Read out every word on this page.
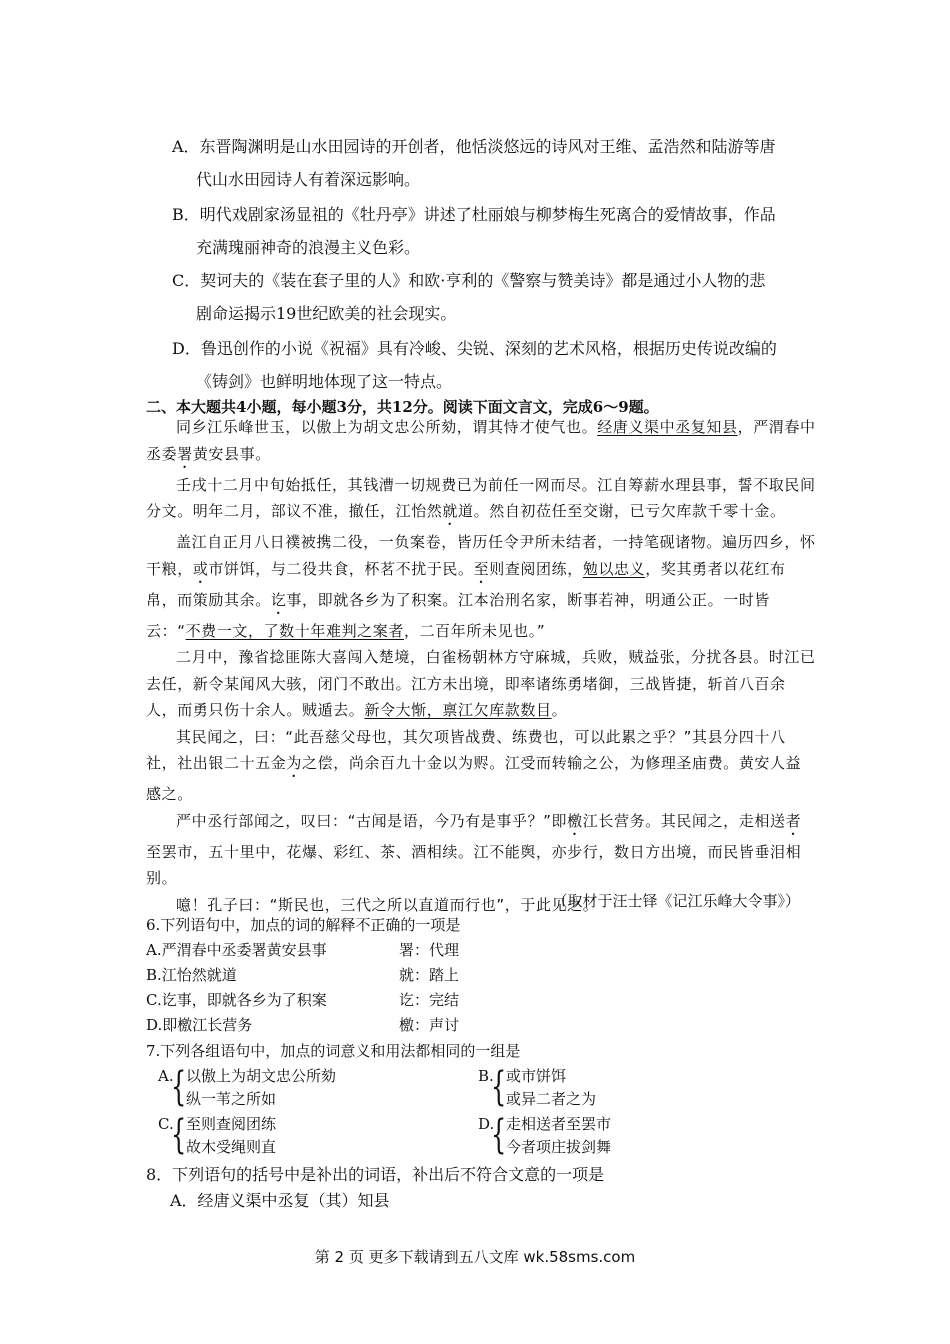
A．东晋陶渊明是山水田园诗的开创者，他恬淡悠远的诗风对王维、孟浩然和陆游等唐
代山水田园诗人有着深远影响。
B．明代戏剧家汤显祖的《牡丹亭》讲述了杜丽娘与柳梦梅生死离合的爱情故事，作品
充满瑰丽神奇的浪漫主义色彩。
C．契诃夫的《装在套子里的人》和欧·亨利的《警察与赞美诗》都是通过小人物的悲
剧命运揭示19世纪欧美的社会现实。
D．鲁迅创作的小说《祝福》具有冷峻、尖锐、深刻的艺术风格，根据历史传说改编的
《铸剑》也鲜明地体现了这一特点。
二、本大题共4小题，每小题3分，共12分。阅读下面文言文，完成6～9题。

同乡江乐峰世玉，以傲上为胡文忠公所劾，谓其恃才使气也。经唐义渠中丞复知县，严渭春中丞委署黄安县事。

壬戌十二月中旬始抵任，其钱漕一切规费已为前任一网而尽。江自筹薪水理县事，誓不取民间分文。明年二月，部议不准，撤任，江怡然就道。然自初莅任至交谢，已亏欠库款千零十金。

盖江自正月八日襆被携二役，一负案卷，皆历任令尹所未结者，一持笔砚诸物。遍历四乡，怀干粮，或市饼饵，与二役共食，杯茗不扰于民。至则查阅团练，勉以忠义，奖其勇者以花红布帛，而策励其余。讫事，即就各乡为了积案。江本治刑名家，断事若神，明通公正。一时皆云：“不费一文，了数十年难判之案者，二百年所未见也。”

二月中，豫省捻匪陈大喜闯入楚境，白雀杨朝林方守麻城，兵败，贼益张，分扰各县。时江已去任，新令某闻风大骇，闭门不敢出。江方未出境，即率诸练勇堵御，三战皆捷，斩首八百余人，而勇只伤十余人。贼遁去。新令大惭，禀江欠库款数目。

其民闻之，曰：“此吾慈父母也，其欠项皆战费、练费也，可以此累之乎？”其县分四十八社，社出银二十五金为之偿，尚余百九十金以为赆。江受而转输之公，为修理圣庙费。黄安人益感之。

严中丞行部闻之，叹曰：“古闻是语，今乃有是事乎？”即檄江长营务。其民闻之，走相送者至罢市，五十里中，花爆、彩红、茶、酒相续。江不能舆，亦步行，数日方出境，而民皆垂泪相别。

噫！孔子曰：“斯民也，三代之所以直道而行也”，于此见之。

（取材于汪士铎《记江乐峰大令事》）
6.下列语句中，加点的词的解释不正确的一项是
A.严渭春中丞委署黄安县事	署：代理
B.江怡然就道	就：踏上
C.讫事，即就各乡为了积案	讫：完结
D.即檄江长营务	檄：声讨
7.下列各组语句中，加点的词意义和用法都相同的一组是
A.
{ 以傲上为胡文忠公所劾
纵一苇之所如
B.
{ 或市饼饵
或异二者之为
C.
{ 至则查阅团练
故木受绳则直
D.
{ 走相送者至罢市
今者项庄拔剑舞
8．下列语句的括号中是补出的词语，补出后不符合文意的一项是
A．经唐义渠中丞复（其）知县
第 2 页 更多下载请到五八文库 wk.58sms.com
